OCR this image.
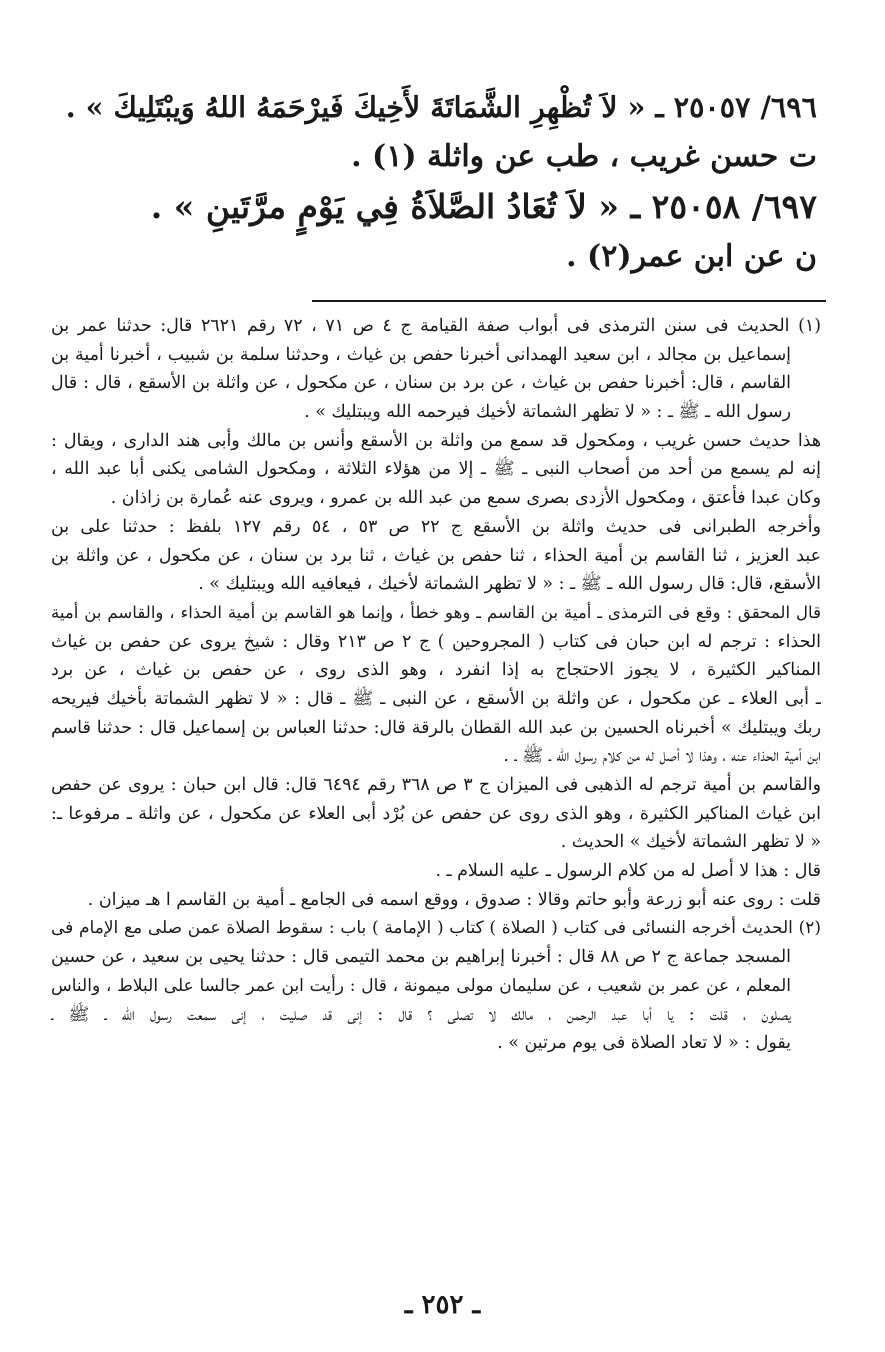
٦٩٦/ ٢٥٠٥٧ ـ « لاَ تُظْهِرِ الشَّمَاتَةَ لأَخِيكَ فَيرْحَمَهُ اللهُ وَيبْتَلِيكَ » .
ت حسن غريب ، طب عن واثلة (١) .
٦٩٧/ ٢٥٠٥٨ ـ « لاَ تُعَادُ الصَّلاَةُ فِي يَوْمٍ مرَّتَينِ » .
ن عن ابن عمر(٢) .
(١) الحديث فى سنن الترمذى فى أبواب صفة القيامة ج ٤ ص ٧١ ، ٧٢ رقم ٢٦٢١ قال: حدثنا عمر بن
إسماعيل بن مجالد ، ابن سعيد الهمدانى أخبرنا حفص بن غياث ، وحدثنا سلمة بن شبيب ، أخبرنا أمية بن
القاسم ، قال: أخبرنا حفص بن غياث ، عن برد بن سنان ، عن مكحول ، عن واثلة بن الأسقع ، قال : قال
رسول الله ـ ﷺ ـ : « لا تظهر الشماتة لأخيك فيرحمه الله ويبتليك » .
هذا حديث حسن غريب ، ومكحول قد سمع من واثلة بن الأسقع وأنس بن مالك وأبى هند الدارى ، ويقال :
إنه لم يسمع من أحد من أصحاب النبى ـ ﷺ ـ إلا من هؤلاء الثلاثة ، ومكحول الشامى يكنى أبا عبد الله ،
وكان عبدا فأعتق ، ومكحول الأزدى بصرى سمع من عبد الله بن عمرو ، ويروى عنه عُمارة بن زاذان .
وأخرجه الطبرانى فى حديث واثلة بن الأسقع ج ٢٢ ص ٥٣ ، ٥٤ رقم ١٢٧ بلفظ : حدثنا على بن
عبد العزيز ، ثنا القاسم بن أمية الحذاء ، ثنا حفص بن غياث ، ثنا برد بن سنان ، عن مكحول ، عن واثلة بن
الأسقع، قال: قال رسول الله ـ ﷺ ـ : « لا تظهر الشماتة لأخيك ، فيعافيه الله ويبتليك » .
قال المحقق : وقع فى الترمذى ـ أمية بن القاسم ـ وهو خطأ ، وإنما هو القاسم بن أمية الحذاء ، والقاسم بن أمية
الحذاء : ترجم له ابن حبان فى كتاب ( المجروحين ) ج ٢ ص ٢١٣ وقال : شيخ يروى عن حفص بن غياث
المناكير الكثيرة ، لا يجوز الاحتجاج به إذا انفرد ، وهو الذى روى ، عن حفص بن غياث ، عن برد
ـ أبى العلاء ـ عن مكحول ، عن واثلة بن الأسقع ، عن النبى ـ ﷺ ـ قال : « لا تظهر الشماتة بأخيك فيريحه
ربك ويبتليك » أخبرناه الحسين بن عبد الله القطان بالرقة قال: حدثنا العباس بن إسماعيل قال : حدثنا قاسم
ابن أمية الحذاء عنه ، وهذا لا أصل له من كلام رسول الله ـ ﷺ ـ .
والقاسم بن أمية ترجم له الذهبى فى الميزان ج ٣ ص ٣٦٨ رقم ٦٤٩٤ قال: قال ابن حبان : يروى عن حفص
ابن غياث المناكير الكثيرة ، وهو الذى روى عن حفص عن بُرْد أبى العلاء عن مكحول ، عن واثلة ـ مرفوعا ـ:
« لا تظهر الشماتة لأخيك » الحديث .
قال : هذا لا أصل له من كلام الرسول ـ عليه السلام ـ .
قلت : روى عنه أبو زرعة وأبو حاتم وقالا : صدوق ، ووقع اسمه فى الجامع ـ أمية بن القاسم ا هـ ميزان .
(٢) الحديث أخرجه النسائى فى كتاب ( الصلاة ) كتاب ( الإمامة ) باب : سقوط الصلاة عمن صلى مع الإمام فى
المسجد جماعة ج ٢ ص ٨٨ قال : أخبرنا إبراهيم بن محمد التيمى قال : حدثنا يحيى بن سعيد ، عن حسين
المعلم ، عن عمر بن شعيب ، عن سليمان مولى ميمونة ، قال : رأيت ابن عمر جالسا على البلاط ، والناس
يصلون ، قلت : يا أبا عبد الرحمن ، مالك لا تصلى ؟ قال : إنى قد صليت ، إنى سمعت رسول الله ـ ﷺ ـ
يقول : « لا تعاد الصلاة فى يوم مرتين » .
ـ ٢٥٢ ـ
